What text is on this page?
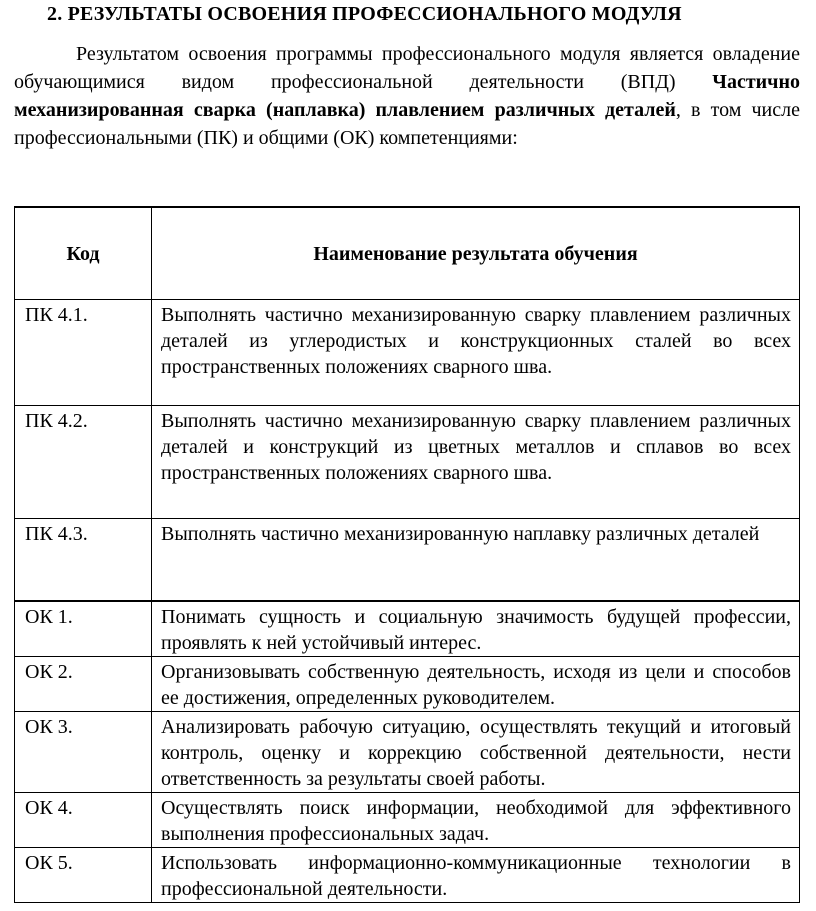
2. РЕЗУЛЬТАТЫ ОСВОЕНИЯ ПРОФЕССИОНАЛЬНОГО МОДУЛЯ

Результатом освоения программы профессионального модуля является овладение обучающимися видом профессиональной деятельности (ВПД) Частично механизированная сварка (наплавка) плавлением различных деталей, в том числе профессиональными (ПК) и общими (ОК) компетенциями:

Код	Наименование результата обучения
ПК 4.1.	Выполнять частично механизированную сварку плавлением различных деталей из углеродистых и конструкционных сталей во всех пространственных положениях сварного шва.
ПК 4.2.	Выполнять частично механизированную сварку плавлением различных деталей и конструкций из цветных металлов и сплавов во всех пространственных положениях сварного шва.
ПК 4.3.	Выполнять частично механизированную наплавку различных деталей
ОК 1.	Понимать сущность и социальную значимость будущей профессии, проявлять к ней устойчивый интерес.
ОК 2.	Организовывать собственную деятельность, исходя из цели и способов ее достижения, определенных руководителем.
ОК 3.	Анализировать рабочую ситуацию, осуществлять текущий и итоговый контроль, оценку и коррекцию собственной деятельности, нести ответственность за результаты своей работы.
ОК 4.	Осуществлять поиск информации, необходимой для эффективного выполнения профессиональных задач.
ОК 5.	Использовать информационно-коммуникационные технологии в профессиональной деятельности.
